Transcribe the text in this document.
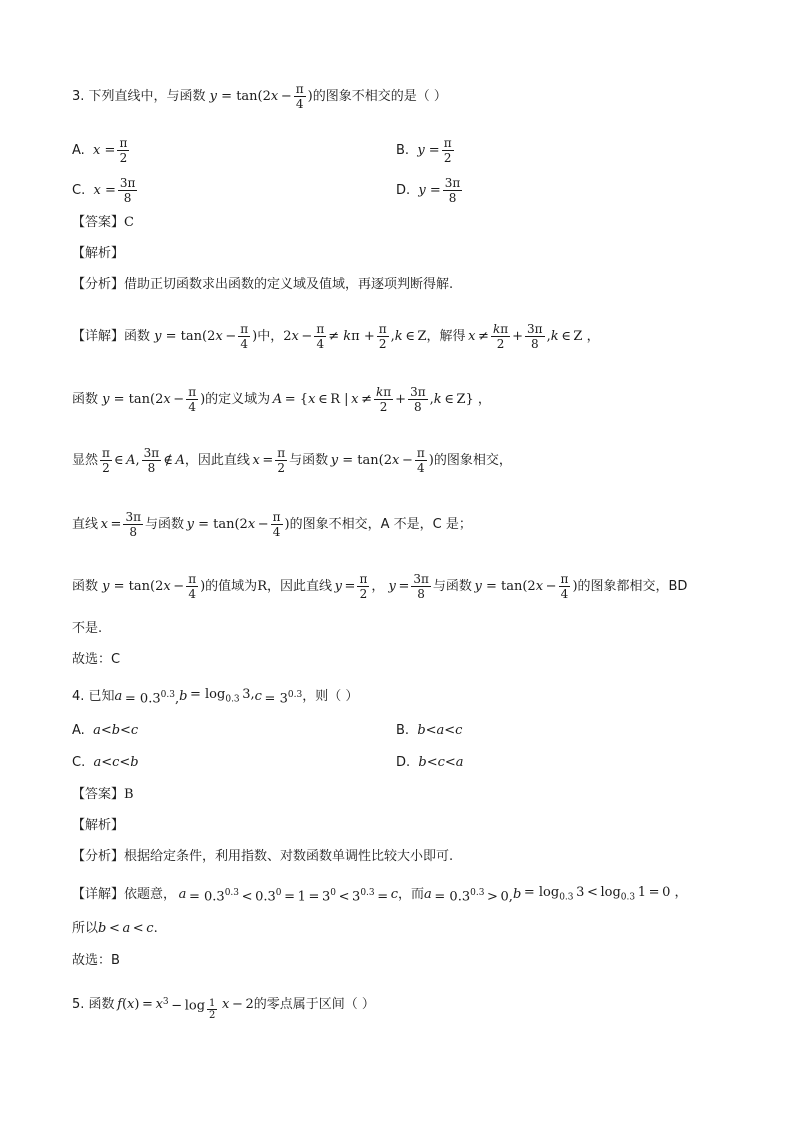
3. 下列直线中，与函数 y = tan(2 $x - \frac{\pi}{4}$ ) 的图象不相交的是（ ）
A. $x = \frac{\pi}{2}$	B. $y = \frac{\pi}{2}$
C. $x = \frac{3\pi}{8}$	D. $y = \frac{3\pi}{8}$
【答案】 C
【解析】
【分析】 借助正切函数求出函数的定义域及值域，再逐项判断得解.
【详解】 函数 y = tan(2 $x - \frac{\pi}{4}$ ) 中， 2 $x - \frac{\pi}{4} \ne k$ $\pi + \frac{\pi}{2}$ , k  ∈ Z ，解得  $x \ne \frac{k\pi}{2} + \frac{3\pi}{8}$ , k  ∈ Z ，
函数 y = tan(2 $x - \frac{\pi}{4}$ ) 的定义域为  A  = { x  ∈ R |  $x \ne \frac{k\pi}{2} + \frac{3\pi}{8}$ , k  ∈ Z} ，
显然 $\frac{\pi}{2}$ ∈  A , $\frac{3\pi}{8}$ ∉  A ，因此直线  $x = \frac{\pi}{2}$ 与函数  y = tan(2 $x - \frac{\pi}{4}$ ) 的图象相交，
直线  $x = \frac{3\pi}{8}$ 与函数  y = tan(2 $x - \frac{\pi}{4}$ ) 的图象不相交，A 不是，C 是；
函数 y = tan(2 $x - \frac{\pi}{4}$ ) 的值域为 R ，因此直线  $y = \frac{\pi}{2}$ ， $y = \frac{3\pi}{8}$ 与函数  y = tan(2 $x - \frac{\pi}{4}$ ) 的图象都相交，BD
不是.
故选：C
4. 已知 $a = 0.3^{0.3}$, $b = \log_{0.3} 3$, $c = 3^{0.3}$ ，则（ ）
A.
a<b<c	B.
b<a<c
C.
a<c<b	D.
b<c<a
【答案】 B
【解析】
【分析】 根据给定条件，利用指数、对数函数单调性比较大小即可.
【详解】 依题意，  $a = 0.3^{0.3} < 0.3^0 = 1 = 3^0 < 3^{0.3} = c$ ，而 $a = 0.3^{0.3} > 0$, $b = \log_{0.3} 3 < \log_{0.3} 1 = 0$ ，
所以 b  <  a  <  c .
故选：B
5. 函数  f ( x ) =  x $^3 - \log \frac{1}{2}$  x  − 2 的零点属于区间（ ）
